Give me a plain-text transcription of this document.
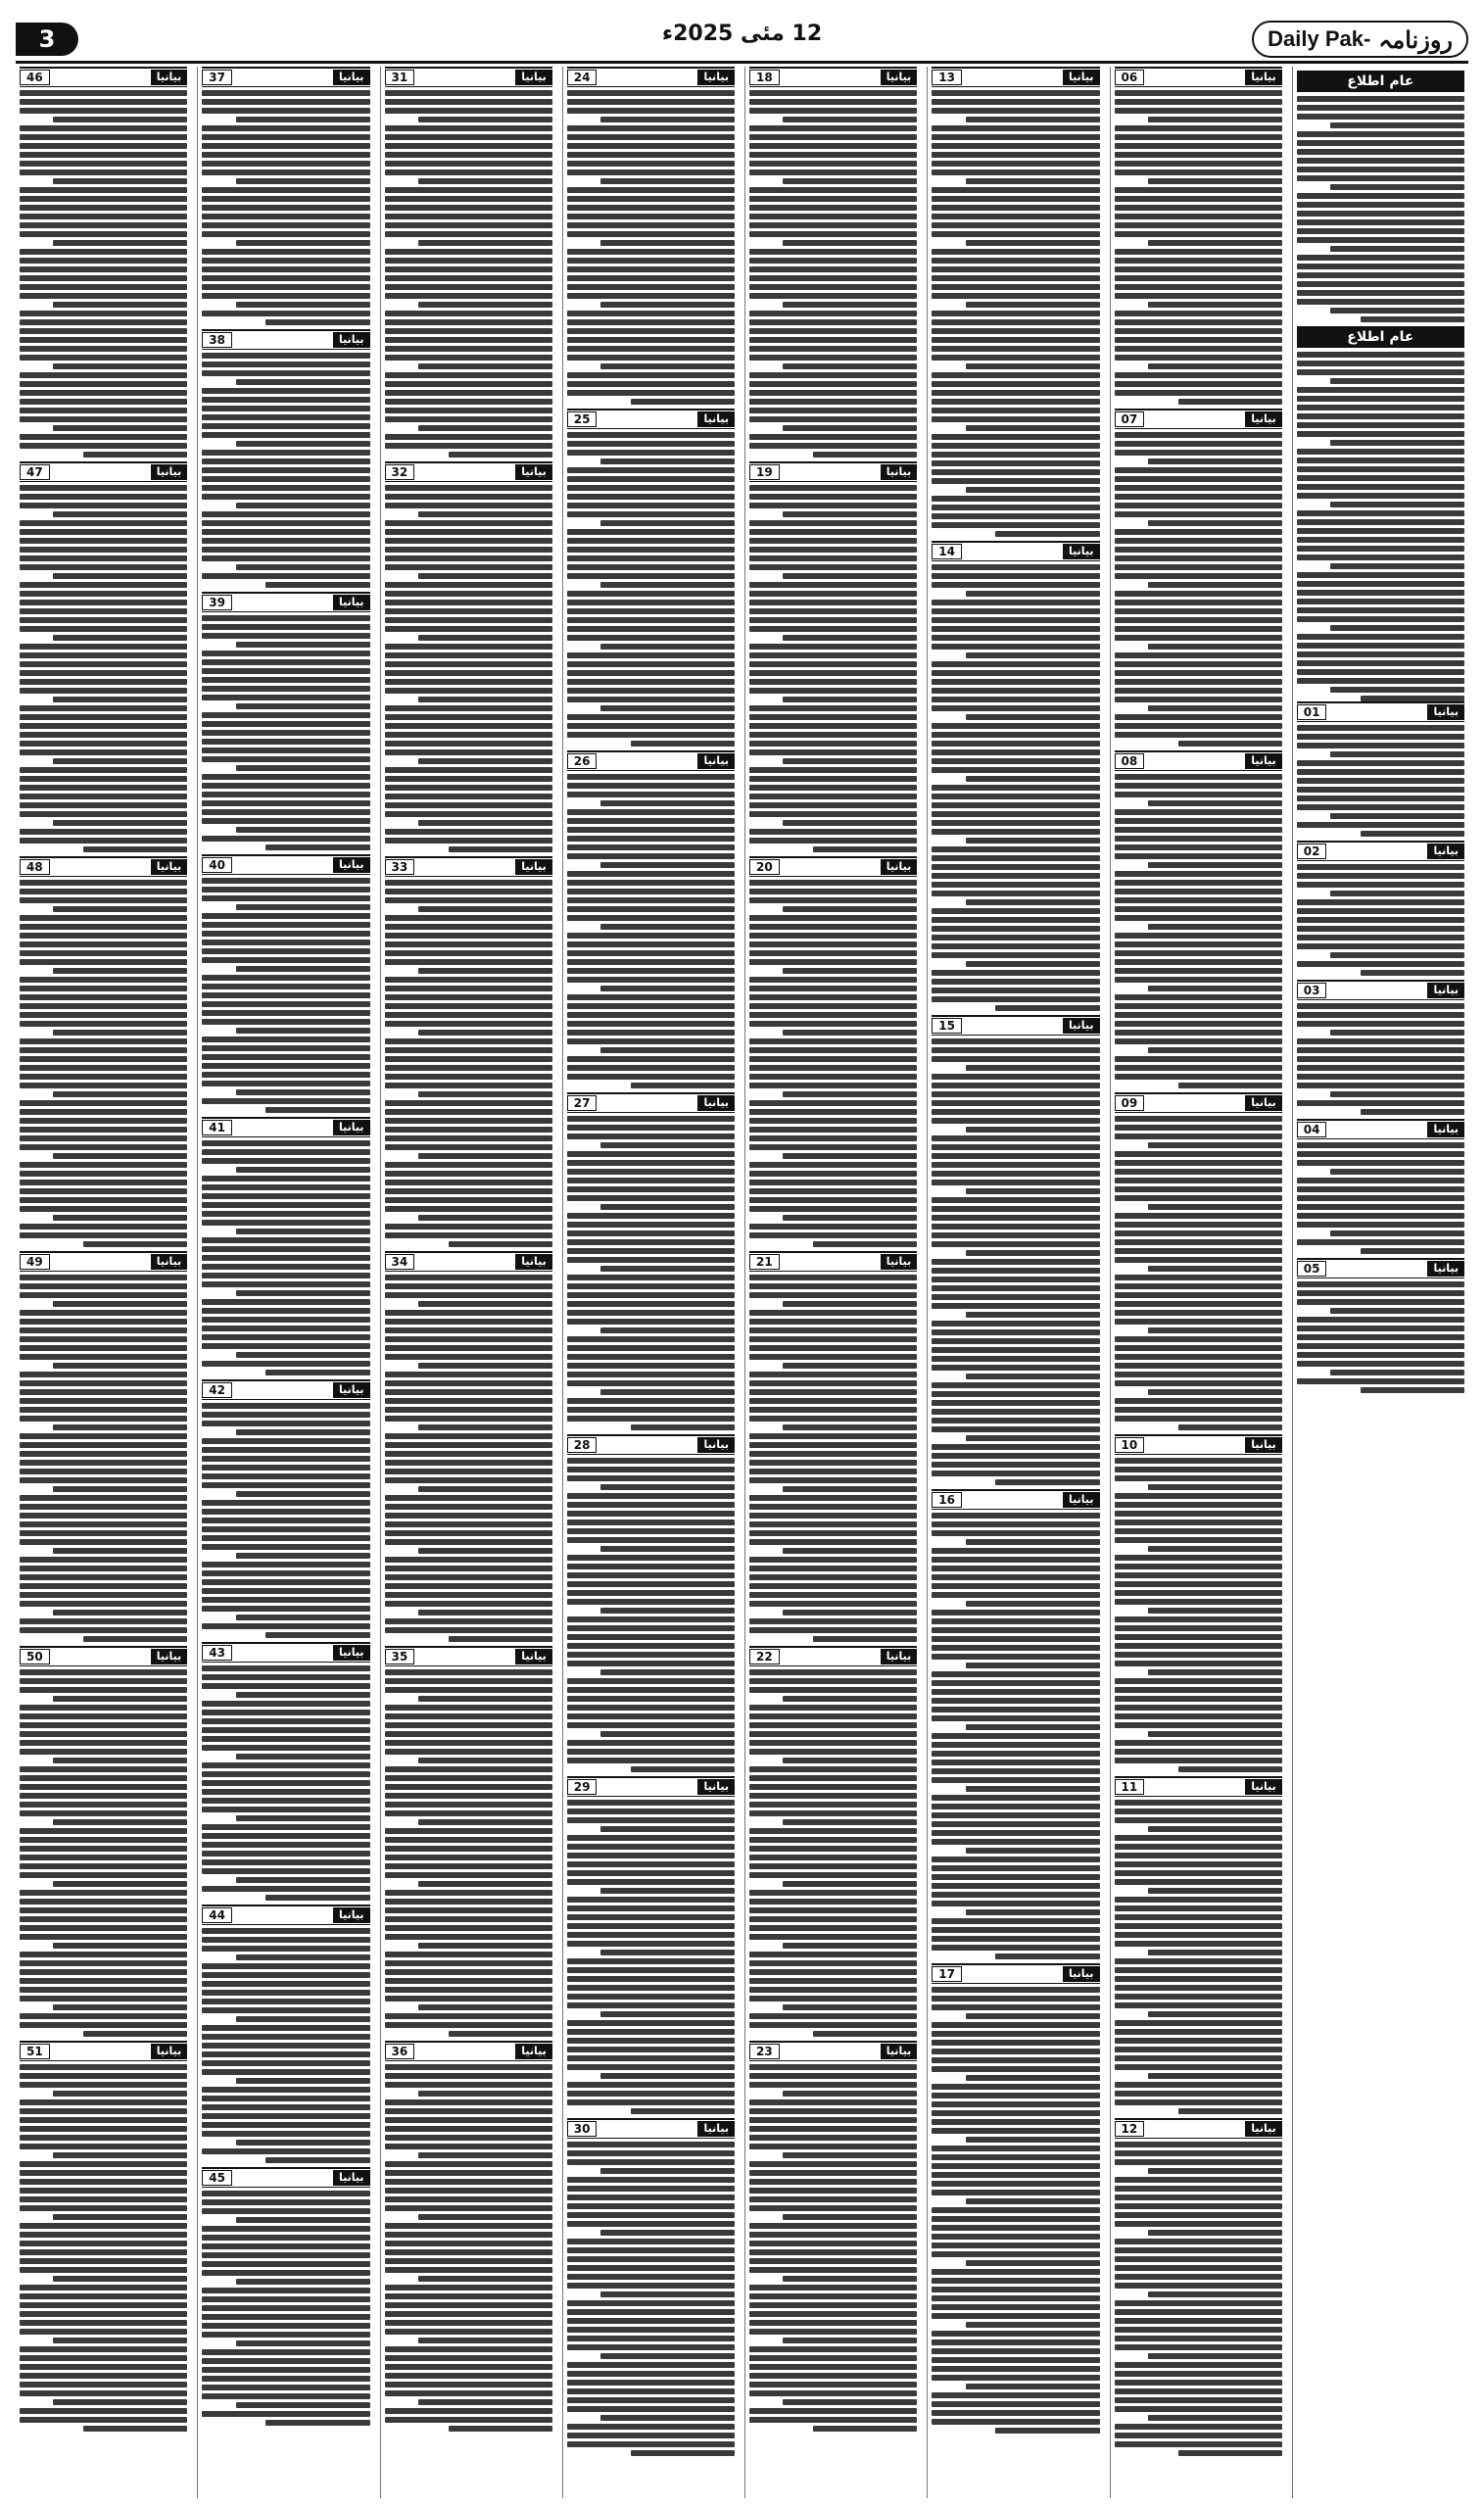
3	12 مئی 2025ء	Daily Pak- روزنامہ
عام اطلاع
عام اطلاع
بیانیا
01
بیانیا
02
بیانیا
03
بیانیا
04
بیانیا
05
بیانیا
06
بیانیا
07
بیانیا
08
بیانیا
09
بیانیا
10
بیانیا
11
بیانیا
12
بیانیا
13
بیانیا
14
بیانیا
15
بیانیا
16
بیانیا
17
بیانیا
18
بیانیا
19
بیانیا
20
بیانیا
21
بیانیا
22
بیانیا
23
بیانیا
24
بیانیا
25
بیانیا
26
بیانیا
27
بیانیا
28
بیانیا
29
بیانیا
30
بیانیا
31
بیانیا
32
بیانیا
33
بیانیا
34
بیانیا
35
بیانیا
36
بیانیا
37
بیانیا
38
بیانیا
39
بیانیا
40
بیانیا
41
بیانیا
42
بیانیا
43
بیانیا
44
بیانیا
45
بیانیا
46
بیانیا
47
بیانیا
48
بیانیا
49
بیانیا
50
بیانیا
51
